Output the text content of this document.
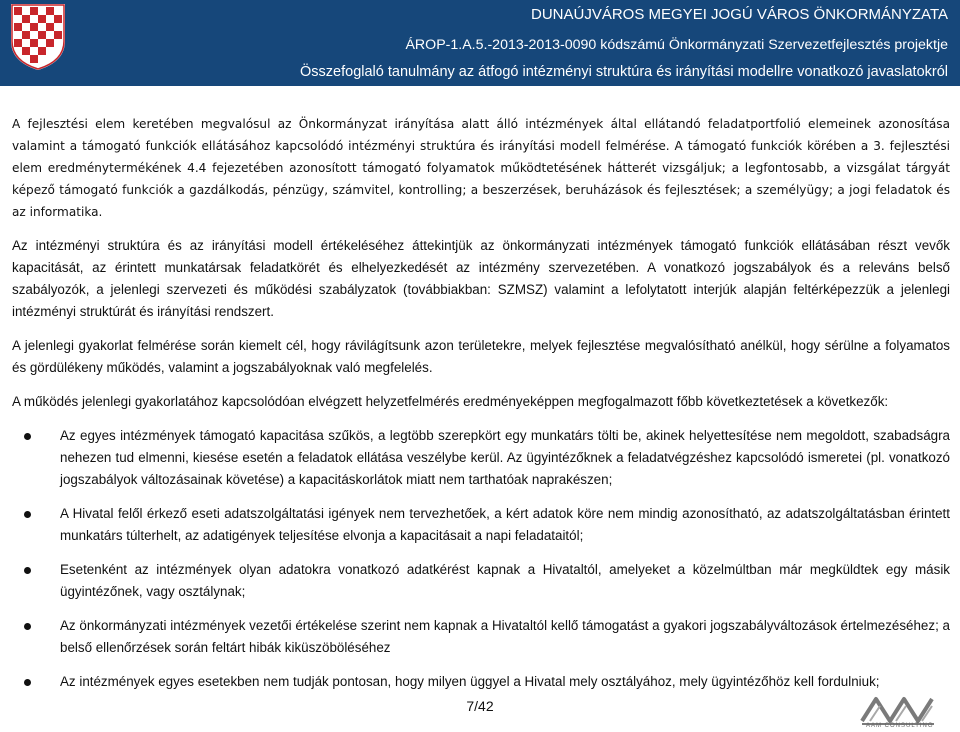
DUNAÚJVÁROS MEGYEI JOGÚ VÁROS ÖNKORMÁNYZATA
ÁROP-1.A.5.-2013-2013-0090 kódszámú Önkormányzati Szervezetfejlesztés projektje
Összefoglaló tanulmány az átfogó intézményi struktúra és irányítási modellre vonatkozó javaslatokról

A fejlesztési elem keretében megvalósul az Önkormányzat irányítása alatt álló intézmények által ellátandó feladatportfolió elemeinek azonosítása valamint a támogató funkciók ellátásához kapcsolódó intézményi struktúra és irányítási modell felmérése. A támogató funkciók körében a 3. fejlesztési elem eredménytermékének 4.4 fejezetében azonosított támogató folyamatok működtetésének hátterét vizsgáljuk; a legfontosabb, a vizsgálat tárgyát képező támogató funkciók a gazdálkodás, pénzügy, számvitel, kontrolling; a beszerzések, beruházások és fejlesztések; a személyügy; a jogi feladatok és az informatika.

Az intézményi struktúra és az irányítási modell értékeléséhez áttekintjük az önkormányzati intézmények támogató funkciók ellátásában részt vevők kapacitását, az érintett munkatársak feladatkörét és elhelyezkedését az intézmény szervezetében. A vonatkozó jogszabályok és a releváns belső szabályozók, a jelenlegi szervezeti és működési szabályzatok (továbbiakban: SZMSZ) valamint a lefolytatott interjúk alapján feltérképezzük a jelenlegi intézményi struktúrát és irányítási rendszert.

A jelenlegi gyakorlat felmérése során kiemelt cél, hogy rávilágítsunk azon területekre, melyek fejlesztése megvalósítható anélkül, hogy sérülne a folyamatos és gördülékeny működés, valamint a jogszabályoknak való megfelelés.

A működés jelenlegi gyakorlatához kapcsolódóan elvégzett helyzetfelmérés eredményeképpen megfogalmazott főbb következtetések a következők:

Az egyes intézmények támogató kapacitása szűkös, a legtöbb szerepkört egy munkatárs tölti be, akinek helyettesítése nem megoldott, szabadságra nehezen tud elmenni, kiesése esetén a feladatok ellátása veszélybe kerül. Az ügyintézőknek a feladatvégzéshez kapcsolódó ismeretei (pl. vonatkozó jogszabályok változásainak követése) a kapacitáskorlátok miatt nem tarthatóak naprakészen;
A Hivatal felől érkező eseti adatszolgáltatási igények nem tervezhetőek, a kért adatok köre nem mindig azonosítható, az adatszolgáltatásban érintett munkatárs túlterhelt, az adatigények teljesítése elvonja a kapacitásait a napi feladataitól;
Esetenként az intézmények olyan adatokra vonatkozó adatkérést kapnak a Hivataltól, amelyeket a közelmúltban már megküldtek egy másik ügyintézőnek, vagy osztálynak;
Az önkormányzati intézmények vezetői értékelése szerint nem kapnak a Hivataltól kellő támogatást a gyakori jogszabályváltozások értelmezéséhez; a belső ellenőrzések során feltárt hibák kiküszöböléséhez
Az intézmények egyes esetekben nem tudják pontosan, hogy milyen üggyel a Hivatal mely osztályához, mely ügyintézőhöz kell fordulniuk;
7/42
AAM CONSULTING
